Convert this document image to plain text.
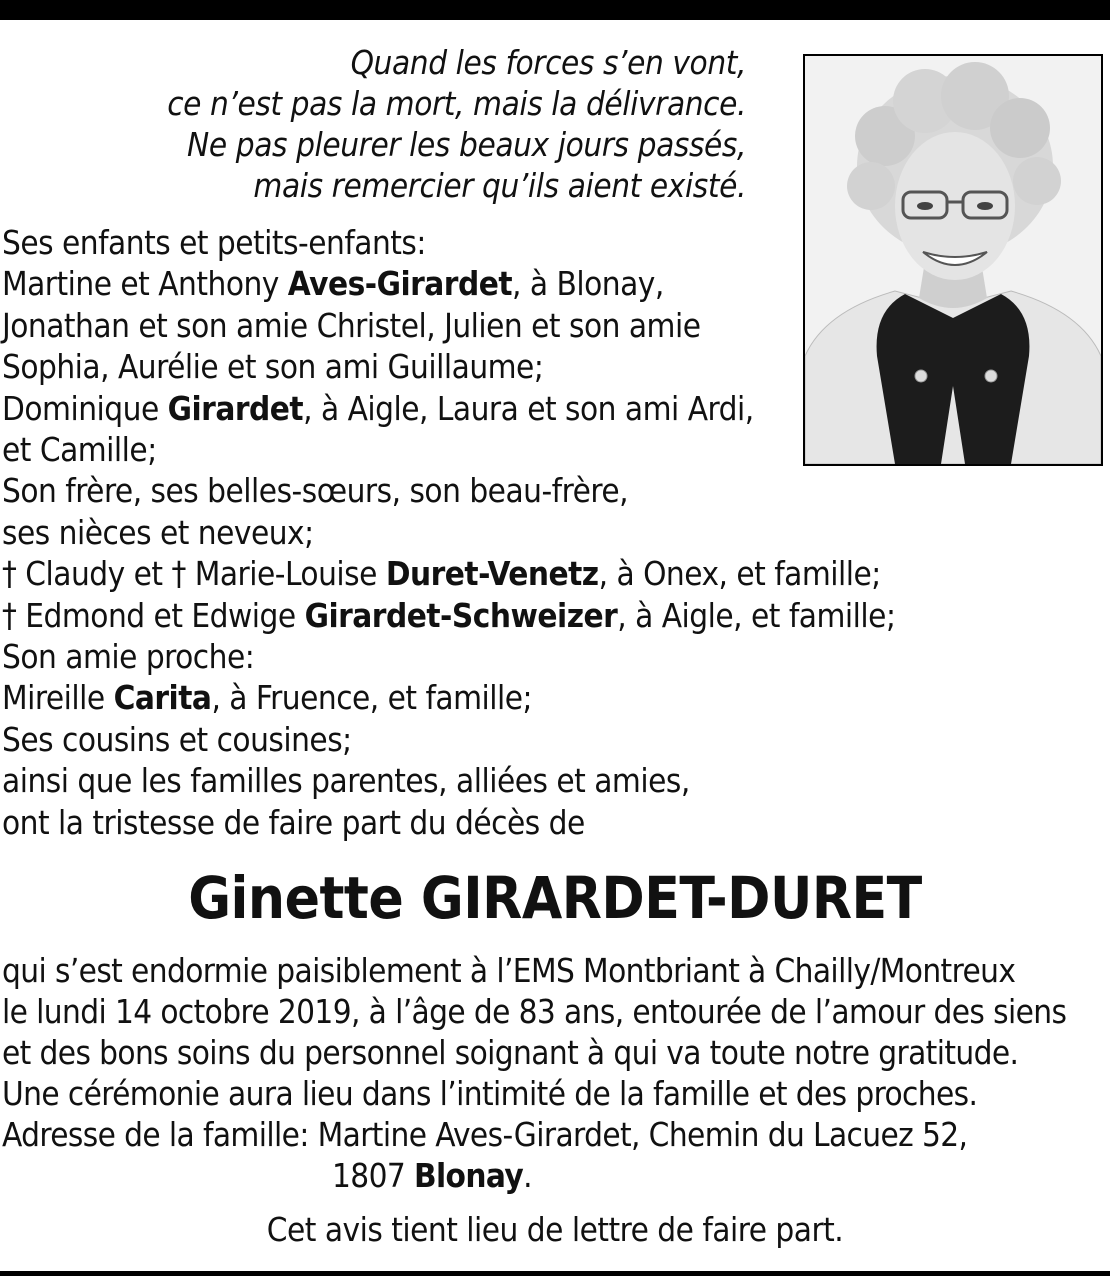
Quand les forces s’en vont,
ce n’est pas la mort, mais la délivrance.
Ne pas pleurer les beaux jours passés,
mais remercier qu’ils aient existé.
Ses enfants et petits-enfants:
Martine et Anthony Aves-Girardet, à Blonay,
Jonathan et son amie Christel, Julien et son amie
Sophia, Aurélie et son ami Guillaume;
Dominique Girardet, à Aigle, Laura et son ami Ardi,
et Camille;
Son frère, ses belles-sœurs, son beau-frère,
ses nièces et neveux;
† Claudy et † Marie-Louise Duret-Venetz, à Onex, et famille;
† Edmond et Edwige Girardet-Schweizer, à Aigle, et famille;
Son amie proche:
Mireille Carita, à Fruence, et famille;
Ses cousins et cousines;
ainsi que les familles parentes, alliées et amies,
ont la tristesse de faire part du décès de
Ginette GIRARDET-DURET
qui s’est endormie paisiblement à l’EMS Montbriant à Chailly/Montreux
le lundi 14 octobre 2019, à l’âge de 83 ans, entourée de l’amour des siens
et des bons soins du personnel soignant à qui va toute notre gratitude.
Une cérémonie aura lieu dans l’intimité de la famille et des proches.
Adresse de la famille: Martine Aves-Girardet, Chemin du Lacuez 52,
1807 Blonay.
Cet avis tient lieu de lettre de faire part.
